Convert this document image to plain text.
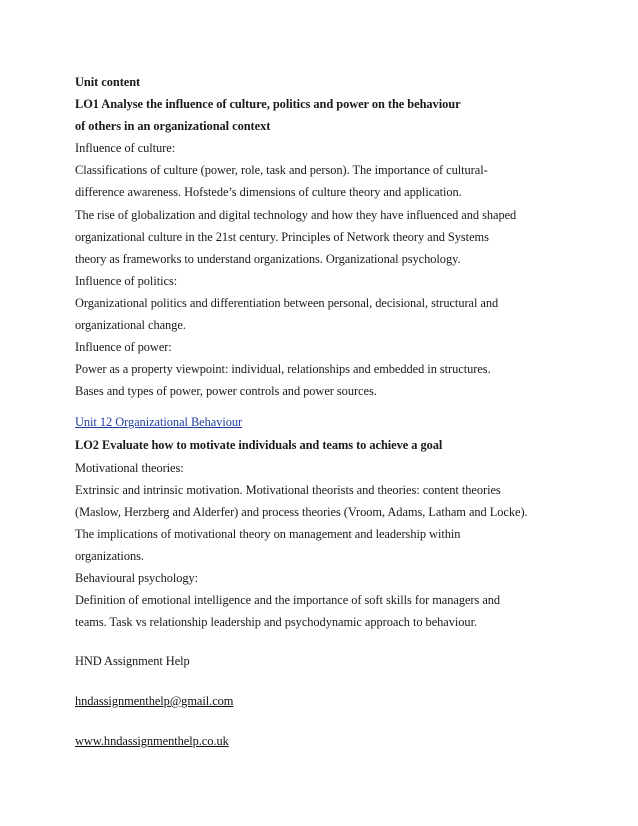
Unit content
LO1 Analyse the influence of culture, politics and power on the behaviour
of others in an organizational context
Influence of culture:
Classifications of culture (power, role, task and person). The importance of cultural-
difference awareness. Hofstede’s dimensions of culture theory and application.
The rise of globalization and digital technology and how they have influenced and shaped
organizational culture in the 21st century. Principles of Network theory and Systems
theory as frameworks to understand organizations. Organizational psychology.
Influence of politics:
Organizational politics and differentiation between personal, decisional, structural and
organizational change.
Influence of power:
Power as a property viewpoint: individual, relationships and embedded in structures.
Bases and types of power, power controls and power sources.
Unit 12 Organizational Behaviour
LO2 Evaluate how to motivate individuals and teams to achieve a goal
Motivational theories:
Extrinsic and intrinsic motivation. Motivational theorists and theories: content theories
(Maslow, Herzberg and Alderfer) and process theories (Vroom, Adams, Latham and Locke).
The implications of motivational theory on management and leadership within
organizations.
Behavioural psychology:
Definition of emotional intelligence and the importance of soft skills for managers and
teams. Task vs relationship leadership and psychodynamic approach to behaviour.
HND Assignment Help
hndassignmenthelp@gmail.com
www.hndassignmenthelp.co.uk
